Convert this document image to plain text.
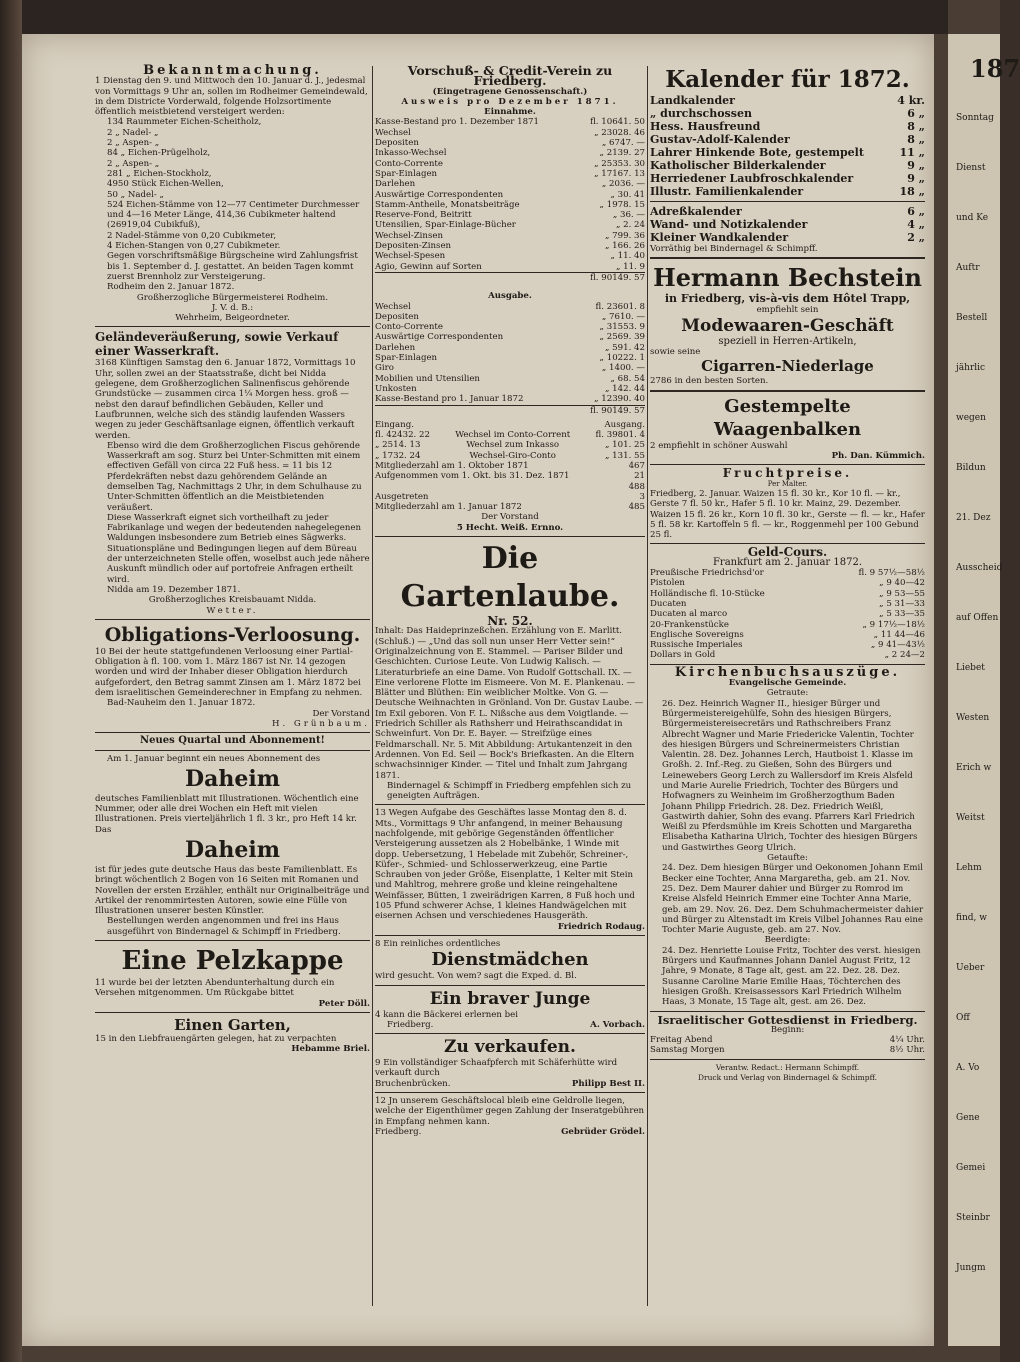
187
Sonntag
Dienst
und Ke
Auftr
Bestell
jährlic
wegen
Bildun
21. Dez
Ausscheid
auf Offen
Liebet
Westen
Erich w
Weitst
Lehm
find, w
Ueber
Off
A. Vo
Gene
Gemei
Steinbr
Jungm
Bekanntmachung.

1 Dienstag den 9. und Mittwoch den 10. Januar d. J., jedesmal von Vormittags 9 Uhr an, sollen im Rodheimer Gemeindewald, in dem Districte Vorderwald, folgende Holzsortimente öffentlich meistbietend versteigert werden:

134 Raummeter Eichen-Scheitholz,

2 „ Nadel- „

2 „ Aspen- „

84 „ Eichen-Prügelholz,

2 „ Aspen- „

281 „ Eichen-Stockholz,

4950 Stück Eichen-Wellen,

50 „ Nadel- „

524 Eichen-Stämme von 12—77 Centimeter Durchmesser und 4—16 Meter Länge, 414,36 Cubikmeter haltend (26919,04 Cubikfuß),

2 Nadel-Stämme von 0,20 Cubikmeter,

4 Eichen-Stangen von 0,27 Cubikmeter.

Gegen vorschriftsmäßige Bürgscheine wird Zahlungsfrist bis 1. September d. J. gestattet. An beiden Tagen kommt zuerst Brennholz zur Versteigerung.

Rodheim den 2. Januar 1872.

Großherzogliche Bürgermeisterei Rodheim.

J. V. d. B.:

Wehrheim, Beigeordneter.

Geländeveräußerung, sowie Verkauf einer Wasserkraft.

3168 Künftigen Samstag den 6. Januar 1872, Vormittags 10 Uhr, sollen zwei an der Staatsstraße, dicht bei Nidda gelegene, dem Großherzoglichen Salinenfiscus gehörende Grundstücke — zusammen circa 1¼ Morgen hess. groß — nebst den darauf befindlichen Gebäuden, Keller und Laufbrunnen, welche sich des ständig laufenden Wassers wegen zu jeder Geschäftsanlage eignen, öffentlich verkauft werden.

Ebenso wird die dem Großherzoglichen Fiscus gehörende Wasserkraft am sog. Sturz bei Unter-Schmitten mit einem effectiven Gefäll von circa 22 Fuß hess. = 11 bis 12 Pferdekräften nebst dazu gehörendem Gelände an demselben Tag, Nachmittags 2 Uhr, in dem Schulhause zu Unter-Schmitten öffentlich an die Meistbietenden veräußert.

Diese Wasserkraft eignet sich vortheilhaft zu jeder Fabrikanlage und wegen der bedeutenden nahegelegenen Waldungen insbesondere zum Betrieb eines Sägwerks. Situationspläne und Bedingungen liegen auf dem Büreau der unterzeichneten Stelle offen, woselbst auch jede nähere Auskunft mündlich oder auf portofreie Anfragen ertheilt wird.

Nidda am 19. Dezember 1871.

Großherzogliches Kreisbauamt Nidda.

Wetter.

Obligations-Verloosung.

10 Bei der heute stattgefundenen Verloosung einer Partial-Obligation à fl. 100. vom 1. März 1867 ist Nr. 14 gezogen worden und wird der Inhaber dieser Obligation hierdurch aufgefordert, den Betrag sammt Zinsen am 1. März 1872 bei dem israelitischen Gemeinderechner in Empfang zu nehmen.

Bad-Nauheim den 1. Januar 1872.

Der Vorstand

H. Grünbaum.

Neues Quartal und Abonnement!

Am 1. Januar beginnt ein neues Abonnement des

Daheim

deutsches Familienblatt mit Illustrationen. Wöchentlich eine Nummer, oder alle drei Wochen ein Heft mit vielen Illustrationen. Preis vierteljährlich 1 fl. 3 kr., pro Heft 14 kr. Das

Daheim

ist für jedes gute deutsche Haus das beste Familienblatt. Es bringt wöchentlich 2 Bogen von 16 Seiten mit Romanen und Novellen der ersten Erzähler, enthält nur Originalbeiträge und Artikel der renommirtesten Autoren, sowie eine Fülle von Illustrationen unserer besten Künstler.

Bestellungen werden angenommen und frei ins Haus ausgeführt von Bindernagel & Schimpff in Friedberg.

Eine Pelzkappe

11 wurde bei der letzten Abendunterhaltung durch ein Versehen mitgenommen. Um Rückgabe bittet

Peter Döll.

Einen Garten,

15 in den Liebfrauengärten gelegen, hat zu verpachten

Hebamme Briel.

Vorschuß- & Credit-Verein zu Friedberg.
(Eingetragene Genossenschaft.)
Ausweis pro Dezember 1871.
Einnahme.
Kasse-Bestand pro 1. Dezember 1871	fl. 10641. 50
Wechsel	„ 23028. 46
Depositen	„ 6747. —
Inkasso-Wechsel	„ 2139. 27
Conto-Corrente	„ 25353. 30
Spar-Einlagen	„ 17167. 13
Darlehen	„ 2036. —
Auswärtige Correspondenten	„ 30. 41
Stamm-Antheile, Monatsbeiträge	„ 1978. 15
Reserve-Fond, Beitritt	„ 36. —
Utensilien, Spar-Einlage-Bücher	„ 2. 24
Wechsel-Zinsen	„ 799. 36
Depositen-Zinsen	„ 166. 26
Wechsel-Spesen	„ 11. 40
Agio, Gewinn auf Sorten	„ 11. 9
fl. 90149. 57
Ausgabe.
Wechsel	fl. 23601. 8
Depositen	„ 7610. —
Conto-Corrente	„ 31553. 9
Auswärtige Correspondenten	„ 2569. 39
Darlehen	„ 591. 42
Spar-Einlagen	„ 10222. 1
Giro	„ 1400. —
Mobilien und Utensilien	„ 68. 54
Unkosten	„ 142. 44
Kasse-Bestand pro 1. Januar 1872	„ 12390. 40
fl. 90149. 57
Eingang.	Ausgang.
fl. 42432. 22	Wechsel im Conto-Corrent	fl. 39801. 4
„ 2514. 13	Wechsel zum Inkasso	„ 101. 25
„ 1732. 24	Wechsel-Giro-Conto	„ 131. 55
Mitgliederzahl am 1. Oktober 1871	467
Aufgenommen vom 1. Okt. bis 31. Dez. 1871	21
488
Ausgetreten	3
Mitgliederzahl am 1. Januar 1872	485
Der Vorstand
5 Hecht. Weiß. Ernno.
Die Gartenlaube.
Nr. 52.

Inhalt: Das Haideprinzeßchen. Erzählung von E. Marlitt. (Schluß.) — „Und das soll nun unser Herr Vetter sein!“ Originalzeichnung von E. Stammel. — Pariser Bilder und Geschichten. Curiose Leute. Von Ludwig Kalisch. — Literaturbriefe an eine Dame. Von Rudolf Gottschall. IX. — Eine verlorene Flotte im Eismeere. Von M. E. Plankenau. — Blätter und Blüthen: Ein weiblicher Moltke. Von G. — Deutsche Weihnachten in Grönland. Von Dr. Gustav Laube. — Im Exil geboren. Von F. L. Nißsche aus dem Voigtlande. — Friedrich Schiller als Rathsherr und Heirathscandidat in Schweinfurt. Von Dr. E. Bayer. — Streifzüge eines Feldmarschall. Nr. 5. Mit Abbildung: Artukantenzeit in den Ardennen. Von Ed. Seil — Bock's Briefkasten. An die Eltern schwachsinniger Kinder. — Titel und Inhalt zum Jahrgang 1871.

Bindernagel & Schimpff in Friedberg empfehlen sich zu geneigten Aufträgen.

13 Wegen Aufgabe des Geschäftes lasse Montag den 8. d. Mts., Vormittags 9 Uhr anfangend, in meiner Behausung nachfolgende, mit gebörige Gegenständen öffentlicher Versteigerung aussetzen als 2 Hobelbänke, 1 Winde mit dopp. Uebersetzung, 1 Hebelade mit Zubehör, Schreiner-, Küfer-, Schmied- und Schlosserwerkzeug, eine Partie Schrauben von jeder Größe, Eisenplatte, 1 Kelter mit Stein und Mahltrog, mehrere große und kleine reingehaltene Weinfässer, Bütten, 1 zweirädrigen Karren, 8 Fuß hoch und 105 Pfund schwerer Achse, 1 kleines Handwägelchen mit eisernen Achsen und verschiedenes Hausgeräth.

Friedrich Rodaug.

8 Ein reinliches ordentliches

Dienstmädchen

wird gesucht. Von wem? sagt die Exped. d. Bl.

Ein braver Junge

4 kann die Bäckerei erlernen bei

Friedberg.	A. Vorbach.
Zu verkaufen.

9 Ein vollständiger Schaafpferch mit Schäferhütte wird verkauft durch

Bruchenbrücken.	Philipp Best II.

12 Jn unserem Geschäftslocal bleib eine Geldrolle liegen, welche der Eigenthümer gegen Zahlung der Inseratgebühren in Empfang nehmen kann.

Friedberg.	Gebrüder Grödel.
Kalender für 1872.
Landkalender	4 kr.
„ durchschossen	6 „
Hess. Hausfreund	8 „
Gustav-Adolf-Kalender	8 „
Lahrer Hinkende Bote, gestempelt	11 „
Katholischer Bilderkalender	9 „
Herriedener Laubfroschkalender	9 „
Illustr. Familienkalender	18 „
Adreßkalender	6 „
Wand- und Notizkalender	4 „
Kleiner Wandkalender	2 „

Vorräthig bei Bindernagel & Schimpff.

Hermann Bechstein
in Friedberg, vis-à-vis dem Hôtel Trapp,
empfiehlt sein
Modewaaren-Geschäft
speziell in Herren-Artikeln,
sowie seine
Cigarren-Niederlage
2786 in den besten Sorten.
Gestempelte Waagenbalken

2 empfiehlt in schöner Auswahl

Ph. Dan. Kümmich.

Fruchtpreise.
Per Malter.

Friedberg, 2. Januar. Waizen 15 fl. 30 kr., Kor 10 fl. — kr., Gerste 7 fl. 50 kr., Hafer 5 fl. 10 kr. Mainz, 29. Dezember. Waizen 15 fl. 26 kr., Korn 10 fl. 30 kr., Gerste — fl. — kr., Hafer 5 fl. 58 kr. Kartoffeln 5 fl. — kr., Roggenmehl per 100 Gebund 25 fl.

Geld-Cours.
Frankfurt am 2. Januar 1872.
Preußische Friedrichsd'or	fl. 9 57½—58½
Pistolen	„ 9 40—42
Holländische fl. 10-Stücke	„ 9 53—55
Ducaten	„ 5 31—33
Ducaten al marco	„ 5 33—35
20-Frankenstücke	„ 9 17½—18½
Englische Sovereigns	„ 11 44—46
Russische Imperiales	„ 9 41—43½
Dollars in Gold	„ 2 24—2
Kirchenbuchsauszüge.
Evangelische Gemeinde.
Getraute:

26. Dez. Heinrich Wagner II., hiesiger Bürger und Bürgermeistereigehülfe, Sohn des hiesigen Bürgers, Bürgermeistereisecretärs und Rathschreibers Franz Albrecht Wagner und Marie Friedericke Valentin, Tochter des hiesigen Bürgers und Schreinermeisters Christian Valentin. 28. Dez. Johannes Lerch, Hautboist 1. Klasse im Großh. 2. Inf.-Reg. zu Gießen, Sohn des Bürgers und Leinewebers Georg Lerch zu Wallersdorf im Kreis Alsfeld und Marie Aurelie Friedrich, Tochter des Bürgers und Hofwagners zu Weinheim im Großherzogthum Baden Johann Philipp Friedrich. 28. Dez. Friedrich Weißl, Gastwirth dahier, Sohn des evang. Pfarrers Karl Friedrich Weißl zu Pferdsmühle im Kreis Schotten und Margaretha Elisabetha Katharina Ulrich, Tochter des hiesigen Bürgers und Gastwirthes Georg Ulrich.

Getaufte:

24. Dez. Dem hiesigen Bürger und Oekonomen Johann Emil Becker eine Tochter, Anna Margaretha, geb. am 21. Nov. 25. Dez. Dem Maurer dahier und Bürger zu Romrod im Kreise Alsfeld Heinrich Emmer eine Tochter Anna Marie, geb. am 29. Nov. 26. Dez. Dem Schuhmachermeister dahier und Bürger zu Altenstadt im Kreis Vilbel Johannes Rau eine Tochter Marie Auguste, geb. am 27. Nov.

Beerdigte:

24. Dez. Henriette Louise Fritz, Tochter des verst. hiesigen Bürgers und Kaufmannes Johann Daniel August Fritz, 12 Jahre, 9 Monate, 8 Tage alt, gest. am 22. Dez. 28. Dez. Susanne Caroline Marie Emilie Haas, Töchterchen des hiesigen Großh. Kreisassessors Karl Friedrich Wilhelm Haas, 3 Monate, 15 Tage alt, gest. am 26. Dez.

Israelitischer Gottesdienst in Friedberg.
Beginn:
Freitag Abend	4¼ Uhr.
Samstag Morgen	8½ Uhr.
Verantw. Redact.: Hermann Schimpff.
Druck und Verlag von Bindernagel & Schimpff.
